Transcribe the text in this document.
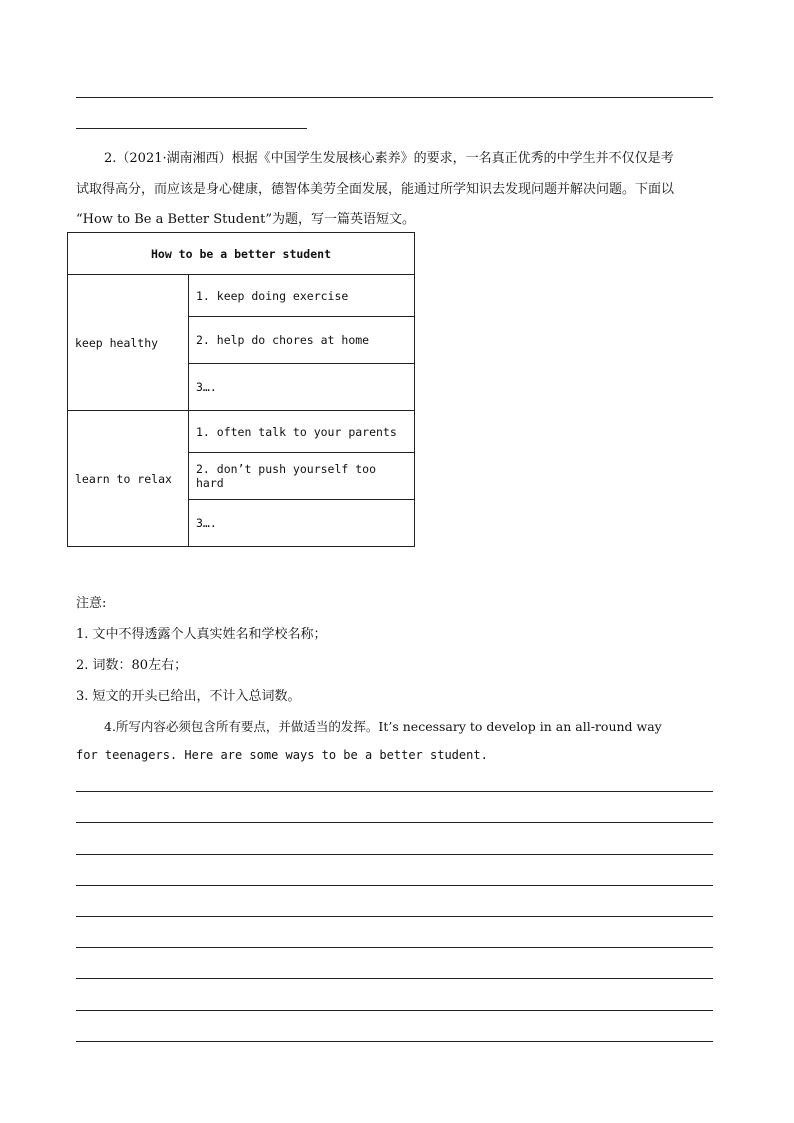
2.（2021·湖南湘西）根据《中国学生发展核心素养》的要求，一名真正优秀的中学生并不仅仅是考
试取得高分，而应该是身心健康，德智体美劳全面发展，能通过所学知识去发现问题并解决问题。下面以
“How to Be a Better Student”为题，写一篇英语短文。
How to be a better student	
keep healthy	1. keep doing exercise
	2. help do chores at home
	3….
learn to relax	1. often talk to your parents
	2. don’t push yourself too hard
	3….
注意:
1. 文中不得透露个人真实姓名和学校名称；
2. 词数：80左右；
3. 短文的开头已给出，不计入总词数。
4.所写内容必须包含所有要点，并做适当的发挥。It’s necessary to develop in an all-round way
for teenagers. Here are some ways to be a better student.
